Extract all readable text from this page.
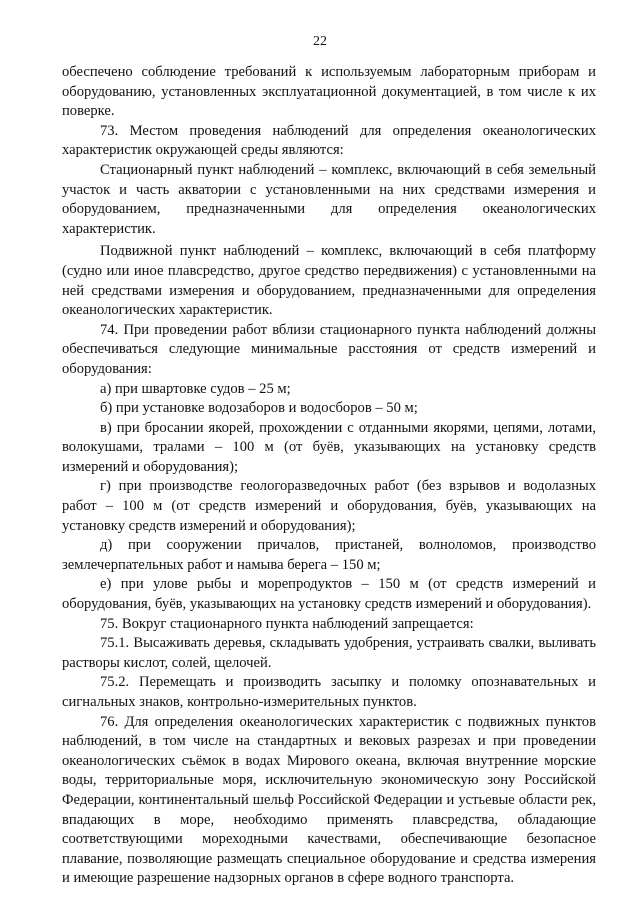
22

обеспечено соблюдение требований к используемым лабораторным приборам и оборудованию, установленных эксплуатационной документацией, в том числе к их поверке.

73. Местом проведения наблюдений для определения океанологических характеристик окружающей среды являются:

Стационарный пункт наблюдений – комплекс, включающий в себя земельный участок и часть акватории с установленными на них средствами измерения и оборудованием, предназначенными для определения океанологических характеристик.

Подвижной пункт наблюдений – комплекс, включающий в себя платформу (судно или иное плавсредство, другое средство передвижения) с установленными на ней средствами измерения и оборудованием, предназначенными для определения океанологических характеристик.

74. При проведении работ вблизи стационарного пункта наблюдений должны обеспечиваться следующие минимальные расстояния от средств измерений и оборудования:

а) при швартовке судов – 25 м;

б) при установке водозаборов и водосборов – 50 м;

в) при бросании якорей, прохождении с отданными якорями, цепями, лотами, волокушами, тралами – 100 м (от буёв, указывающих на установку средств измерений и оборудования);

г) при производстве геологоразведочных работ (без взрывов и водолазных работ – 100 м (от средств измерений и оборудования, буёв, указывающих на установку средств измерений и оборудования);

д) при сооружении причалов, пристаней, волноломов, производство землечерпательных работ и намыва берега – 150 м;

е) при улове рыбы и морепродуктов – 150 м (от средств измерений и оборудования, буёв, указывающих на установку средств измерений и оборудования).

75. Вокруг стационарного пункта наблюдений запрещается:

75.1. Высаживать деревья, складывать удобрения, устраивать свалки, выливать растворы кислот, солей, щелочей.

75.2. Перемещать и производить засыпку и поломку опознавательных и сигнальных знаков, контрольно-измерительных пунктов.

76. Для определения океанологических характеристик с подвижных пунктов наблюдений, в том числе на стандартных и вековых разрезах и при проведении океанологических съёмок в водах Мирового океана, включая внутренние морские воды, территориальные моря, исключительную экономическую зону Российской Федерации, континентальный шельф Российской Федерации и устьевые области рек, впадающих в море, необходимо применять плавсредства, обладающие соответствующими мореходными качествами, обеспечивающие безопасное плавание, позволяющие размещать специальное оборудование и средства измерения и имеющие разрешение надзорных органов в сфере водного транспорта.
